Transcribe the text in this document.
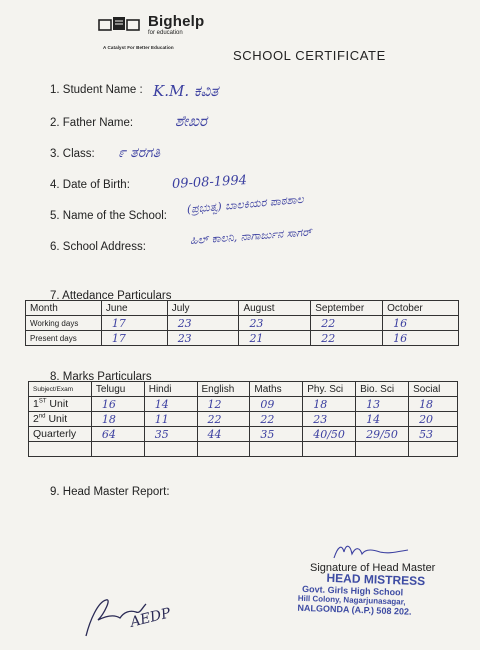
Bighelp
for education
A Catalyst For Better Education
SCHOOL CERTIFICATE
1. Student Name : K.M. ಕವಿತ
2. Father Name:	ಶೇಖರ
3. Class: ೯ ತರಗತಿ
4. Date of Birth:	09-08-1994
5. Name of the School:
(ಪ್ರಭುತ್ವ) ಬಾಲಕಿಯರ ಪಾಠಶಾಲ
6. School Address:
ಹಿಲ್ ಕಾಲನಿ, ನಾಗಾರ್ಜುನ ಸಾಗರ್
7. Attedance Particulars
Month	June	July	August	September	October
Working days	17	23	23	22	16
Present days	17	23	21	22	16
8. Marks Particulars
Subject/Exam	Telugu	Hindi	English	Maths	Phy. Sci	Bio. Sci	Social
1ST Unit	16	14	12	09	18	13	18
2nd Unit	18	11	22	22	23	14	20
Quarterly	64	35	44	35	40/50	29/50	53

9. Head Master Report:
Signature of Head Master
HEAD MISTRESS
Govt. Girls High School
Hill Colony, Nagarjunasagar,
NALGONDA (A.P.) 508 202.
AEDP
